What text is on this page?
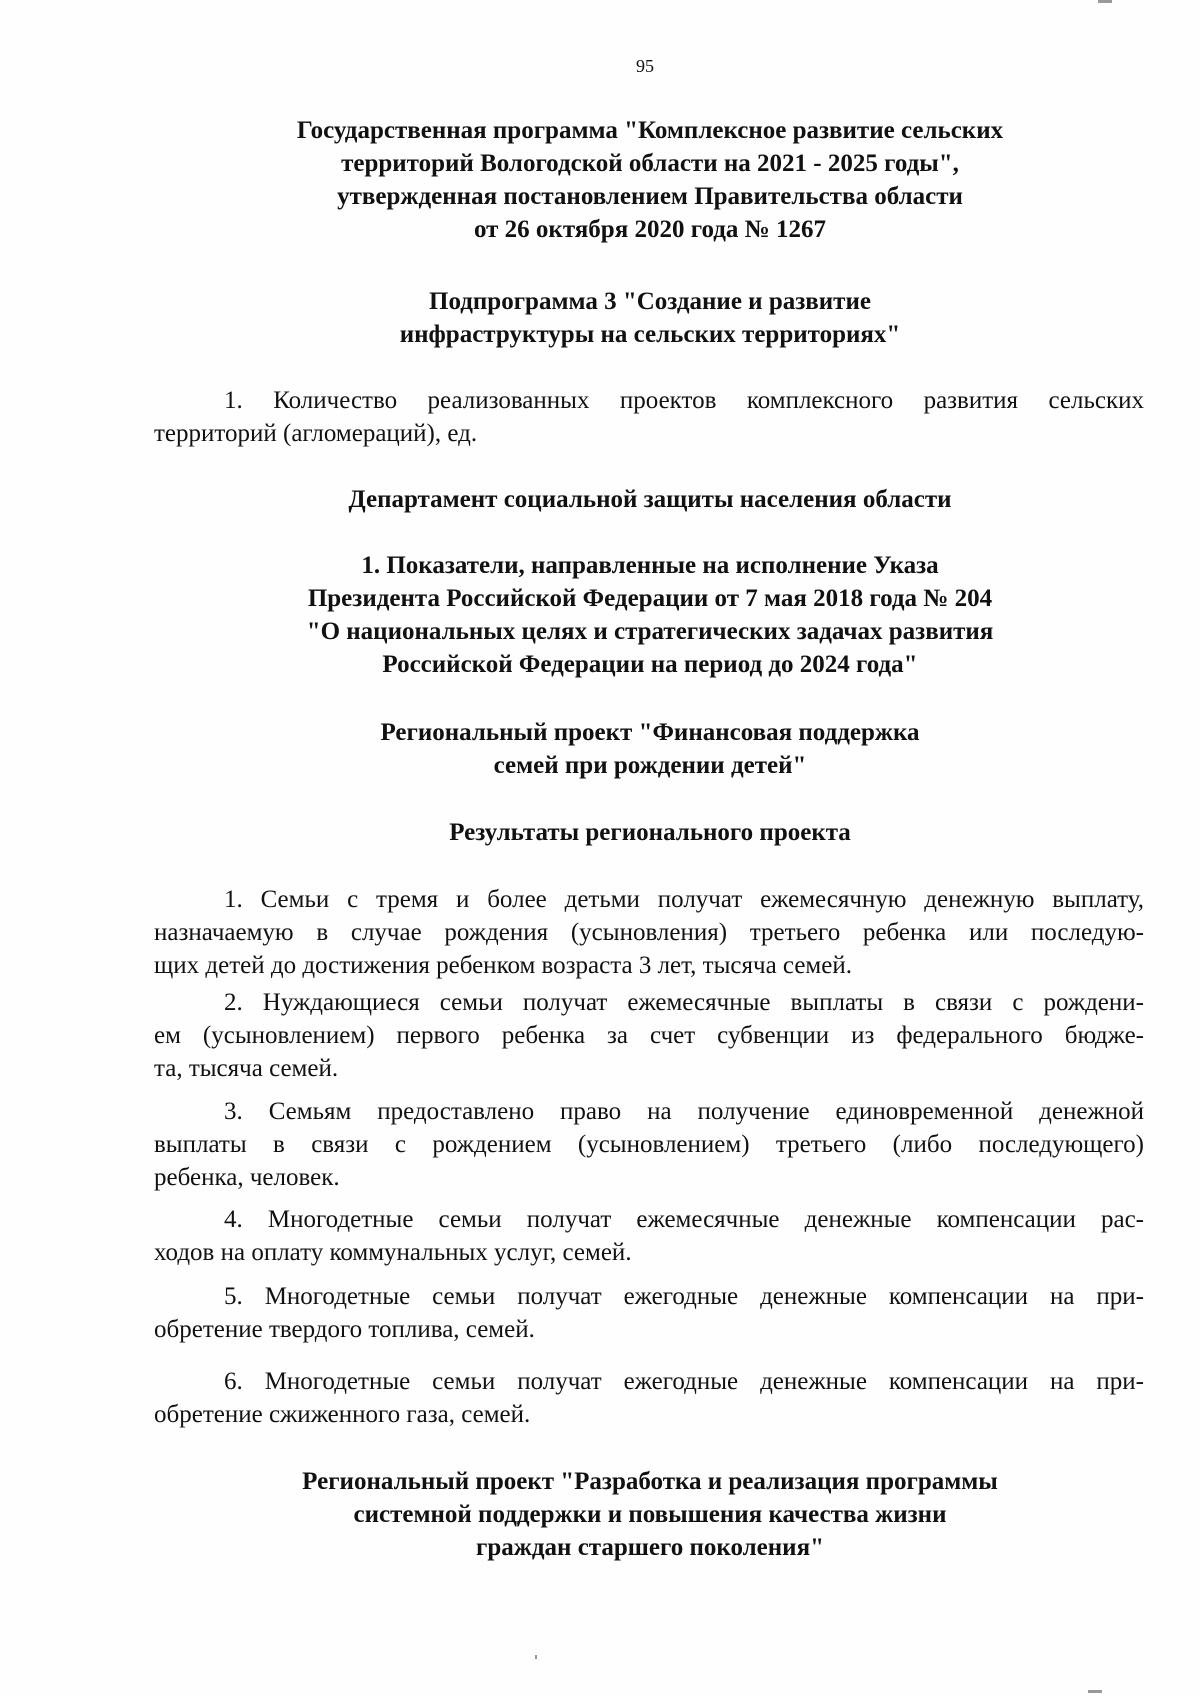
95
Государственная программа "Комплексное развитие сельских
территорий Вологодской области на 2021 - 2025 годы",
утвержденная постановлением Правительства области
от 26 октября 2020 года № 1267
Подпрограмма 3 "Создание и развитие
инфраструктуры на сельских территориях"
1. Количество реализованных проектов комплексного развития сельских
территорий (агломераций), ед.
Департамент социальной защиты населения области
1. Показатели, направленные на исполнение Указа
Президента Российской Федерации от 7 мая 2018 года № 204
"О национальных целях и стратегических задачах развития
Российской Федерации на период до 2024 года"
Региональный проект "Финансовая поддержка
семей при рождении детей"
Результаты регионального проекта
1. Семьи с тремя и более детьми получат ежемесячную денежную выплату,
назначаемую в случае рождения (усыновления) третьего ребенка или последую-
щих детей до достижения ребенком возраста 3 лет, тысяча семей.
2. Нуждающиеся семьи получат ежемесячные выплаты в связи с рождени-
ем (усыновлением) первого ребенка за счет субвенции из федерального бюдже-
та, тысяча семей.
3. Семьям предоставлено право на получение единовременной денежной
выплаты в связи с рождением (усыновлением) третьего (либо последующего)
ребенка, человек.
4. Многодетные семьи получат ежемесячные денежные компенсации рас-
ходов на оплату коммунальных услуг, семей.
5. Многодетные семьи получат ежегодные денежные компенсации на при-
обретение твердого топлива, семей.
6. Многодетные семьи получат ежегодные денежные компенсации на при-
обретение сжиженного газа, семей.
Региональный проект "Разработка и реализация программы
системной поддержки и повышения качества жизни
граждан старшего поколения"
